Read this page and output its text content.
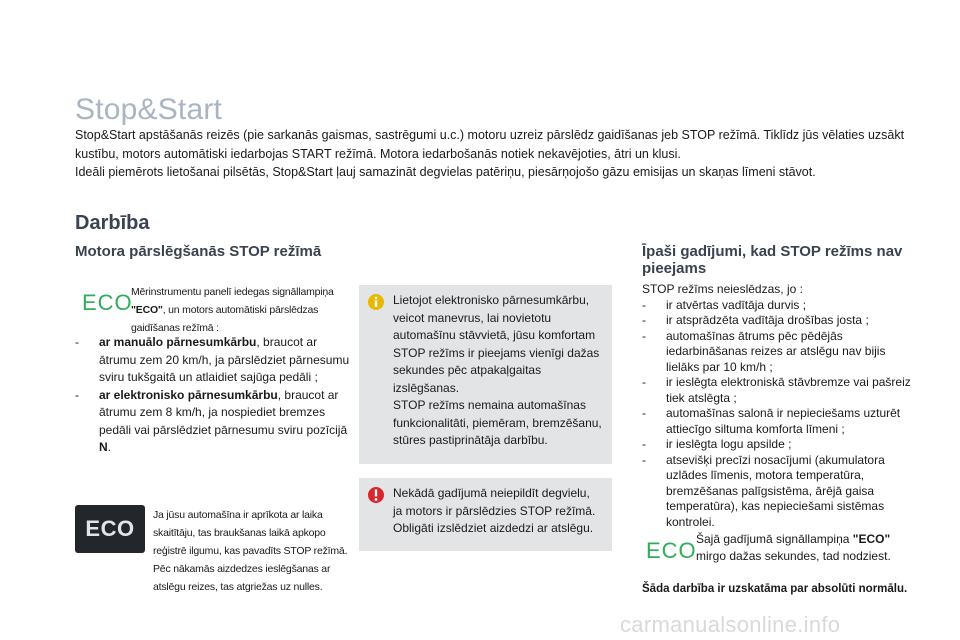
Stop&Start
Stop&Start apstāšanās reizēs (pie sarkanās gaismas, sastrēgumi u.c.) motoru uzreiz pārslēdz gaidīšanas jeb STOP režīmā. Tiklīdz jūs vēlaties uzsākt kustību, motors automātiski iedarbojas START režīmā. Motora iedarbošanās notiek nekavējoties, ātri un klusi.
Ideāli piemērots lietošanai pilsētās, Stop&Start ļauj samazināt degvielas patēriņu, piesārņojošo gāzu emisijas un skaņas līmeni stāvot.
Darbība
Motora pārslēgšanās STOP režīmā
ECO
Mērinstrumentu panelī iedegas signāllampiņa "ECO", un motors automātiski pārslēdzas gaidīšanas režīmā :
- ar manuālo pārnesumkārbu, braucot ar ātrumu zem 20 km/h, ja pārslēdziet pārnesumu sviru tukšgaitā un atlaidiet sajūga pedāli ;
- ar elektronisko pārnesumkārbu, braucot ar ātrumu zem 8 km/h, ja nospiediet bremzes pedāli vai pārslēdziet pārnesumu sviru pozīcijā N.
ECO
Ja jūsu automašīna ir aprīkota ar laika skaitītāju, tas braukšanas laikā apkopo reģistrē ilgumu, kas pavadīts STOP režīmā. Pēc nākamās aizdedzes ieslēgšanas ar atslēgu reizes, tas atgriežas uz nulles.
Lietojot elektronisko pārnesumkārbu, veicot manevrus, lai novietotu automašīnu stāvvietā, jūsu komfortam STOP režīms ir pieejams vienīgi dažas sekundes pēc atpakaļgaitas izslēgšanas.
STOP režīms nemaina automašīnas funkcionalitāti, piemēram, bremzēšanu, stūres pastiprinātāja darbību.
Nekādā gadījumā neiepildīt degvielu, ja motors ir pārslēdzies STOP režīmā. Obligāti izslēdziet aizdedzi ar atslēgu.
Īpaši gadījumi, kad STOP režīms nav pieejams
STOP režīms neieslēdzas, jo :
- ir atvērtas vadītāja durvis ;
- ir atsprādzēta vadītāja drošības josta ;
- automašīnas ātrums pēc pēdējās iedarbināšanas reizes ar atslēgu nav bijis lielāks par 10 km/h ;
- ir ieslēgta elektroniskā stāvbremze vai pašreiz tiek atslēgta ;
- automašīnas salonā ir nepieciešams uzturēt attiecīgo siltuma komforta līmeni ;
- ir ieslēgta logu apsilde ;
- atsevišķi precīzi nosacījumi (akumulatora uzlādes līmenis, motora temperatūra, bremzēšanas palīgsistēma, ārējā gaisa temperatūra), kas nepieciešami sistēmas kontrolei.
ECO Šajā gadījumā signāllampiņa "ECO" mirgo dažas sekundes, tad nodziest.
Šāda darbība ir uzskatāma par absolūti normālu.
carmanualsonline.info
